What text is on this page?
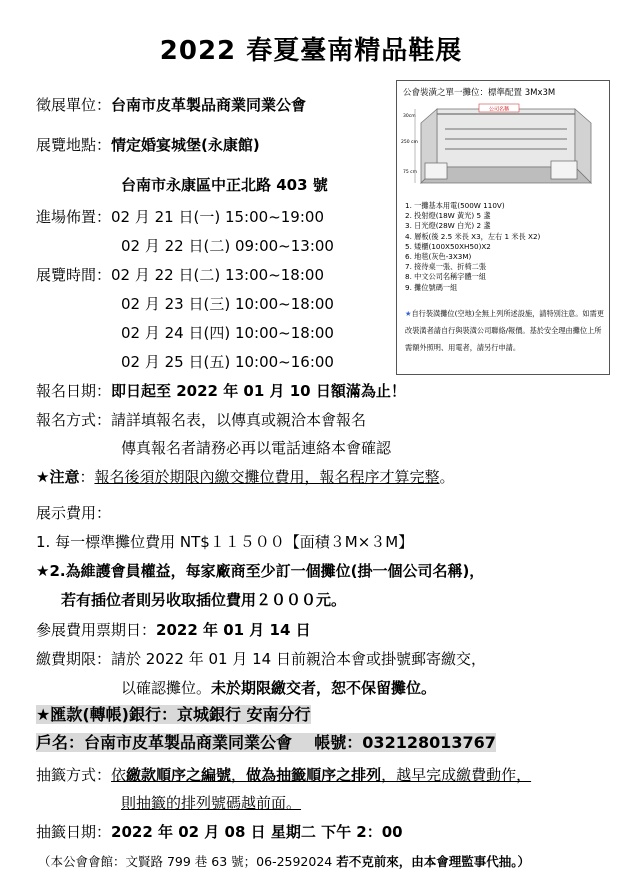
2022 春夏臺南精品鞋展
徵展單位：台南市皮革製品商業同業公會
展覽地點：情定婚宴城堡(永康館)
台南市永康區中正北路 403 號
進場佈置：02 月 21 日(一) 15:00~19:00
02 月 22 日(二) 09:00~13:00
展覽時間：02 月 22 日(二) 13:00~18:00
02 月 23 日(三) 10:00~18:00
02 月 24 日(四) 10:00~18:00
02 月 25 日(五) 10:00~16:00
報名日期：即日起至 2022 年 01 月 10 日額滿為止！
報名方式：請詳填報名表，以傳真或親洽本會報名
傳真報名者請務必再以電話連絡本會確認
★注意：報名後須於期限內繳交攤位費用，報名程序才算完整。
展示費用：
1. 每一標準攤位費用 NT$１１５００【面積３M×３M】
★2.為維護會員權益，每家廠商至少訂一個攤位(掛一個公司名稱)，
若有插位者則另收取插位費用２０００元。
參展費用票期日：2022 年 01 月 14 日
繳費期限：請於 2022 年 01 月 14 日前親洽本會或掛號郵寄繳交，
以確認攤位。未於期限繳交者，恕不保留攤位。
★匯款(轉帳)銀行：京城銀行 安南分行
戶名：台南市皮革製品商業同業公會 帳號：03212801376​7
抽籤方式：依繳款順序之編號，做為抽籤順序之排列，越早完成繳費動作，
則抽籤的排列號碼越前面。
抽籤日期：2022 年 02 月 08 日 星期二 下午 2：00
（本公會會館：文賢路 799 巷 63 號；06-2592024 若不克前來，由本會理監事代抽。）
公會裝潢之單一攤位：標準配置 3Mx3M
公司名稱
30cm
250 cm
75 cm
1. 一攤基本用電(500W 110V)
2. 投射燈(18W 黃光) 5 盞
3. 日光燈(28W 白光) 2 盞
4. 層板(後 2.5 米長 X3，左右 1 米長 X2)
5. 矮櫃(100X50XH50)X2
6. 地毯(灰色-3X3M)
7. 接待桌一張、折椅二張
8. 中文公司名稱字體一組
9. 攤位號碼一組
★自行裝潢攤位(空地)全無上列所述設施，請特別注意。如需更改裝潢者請自行與裝潢公司聯絡/報價。基於安全理由攤位上所需額外照明、用電者，請另行申請。
